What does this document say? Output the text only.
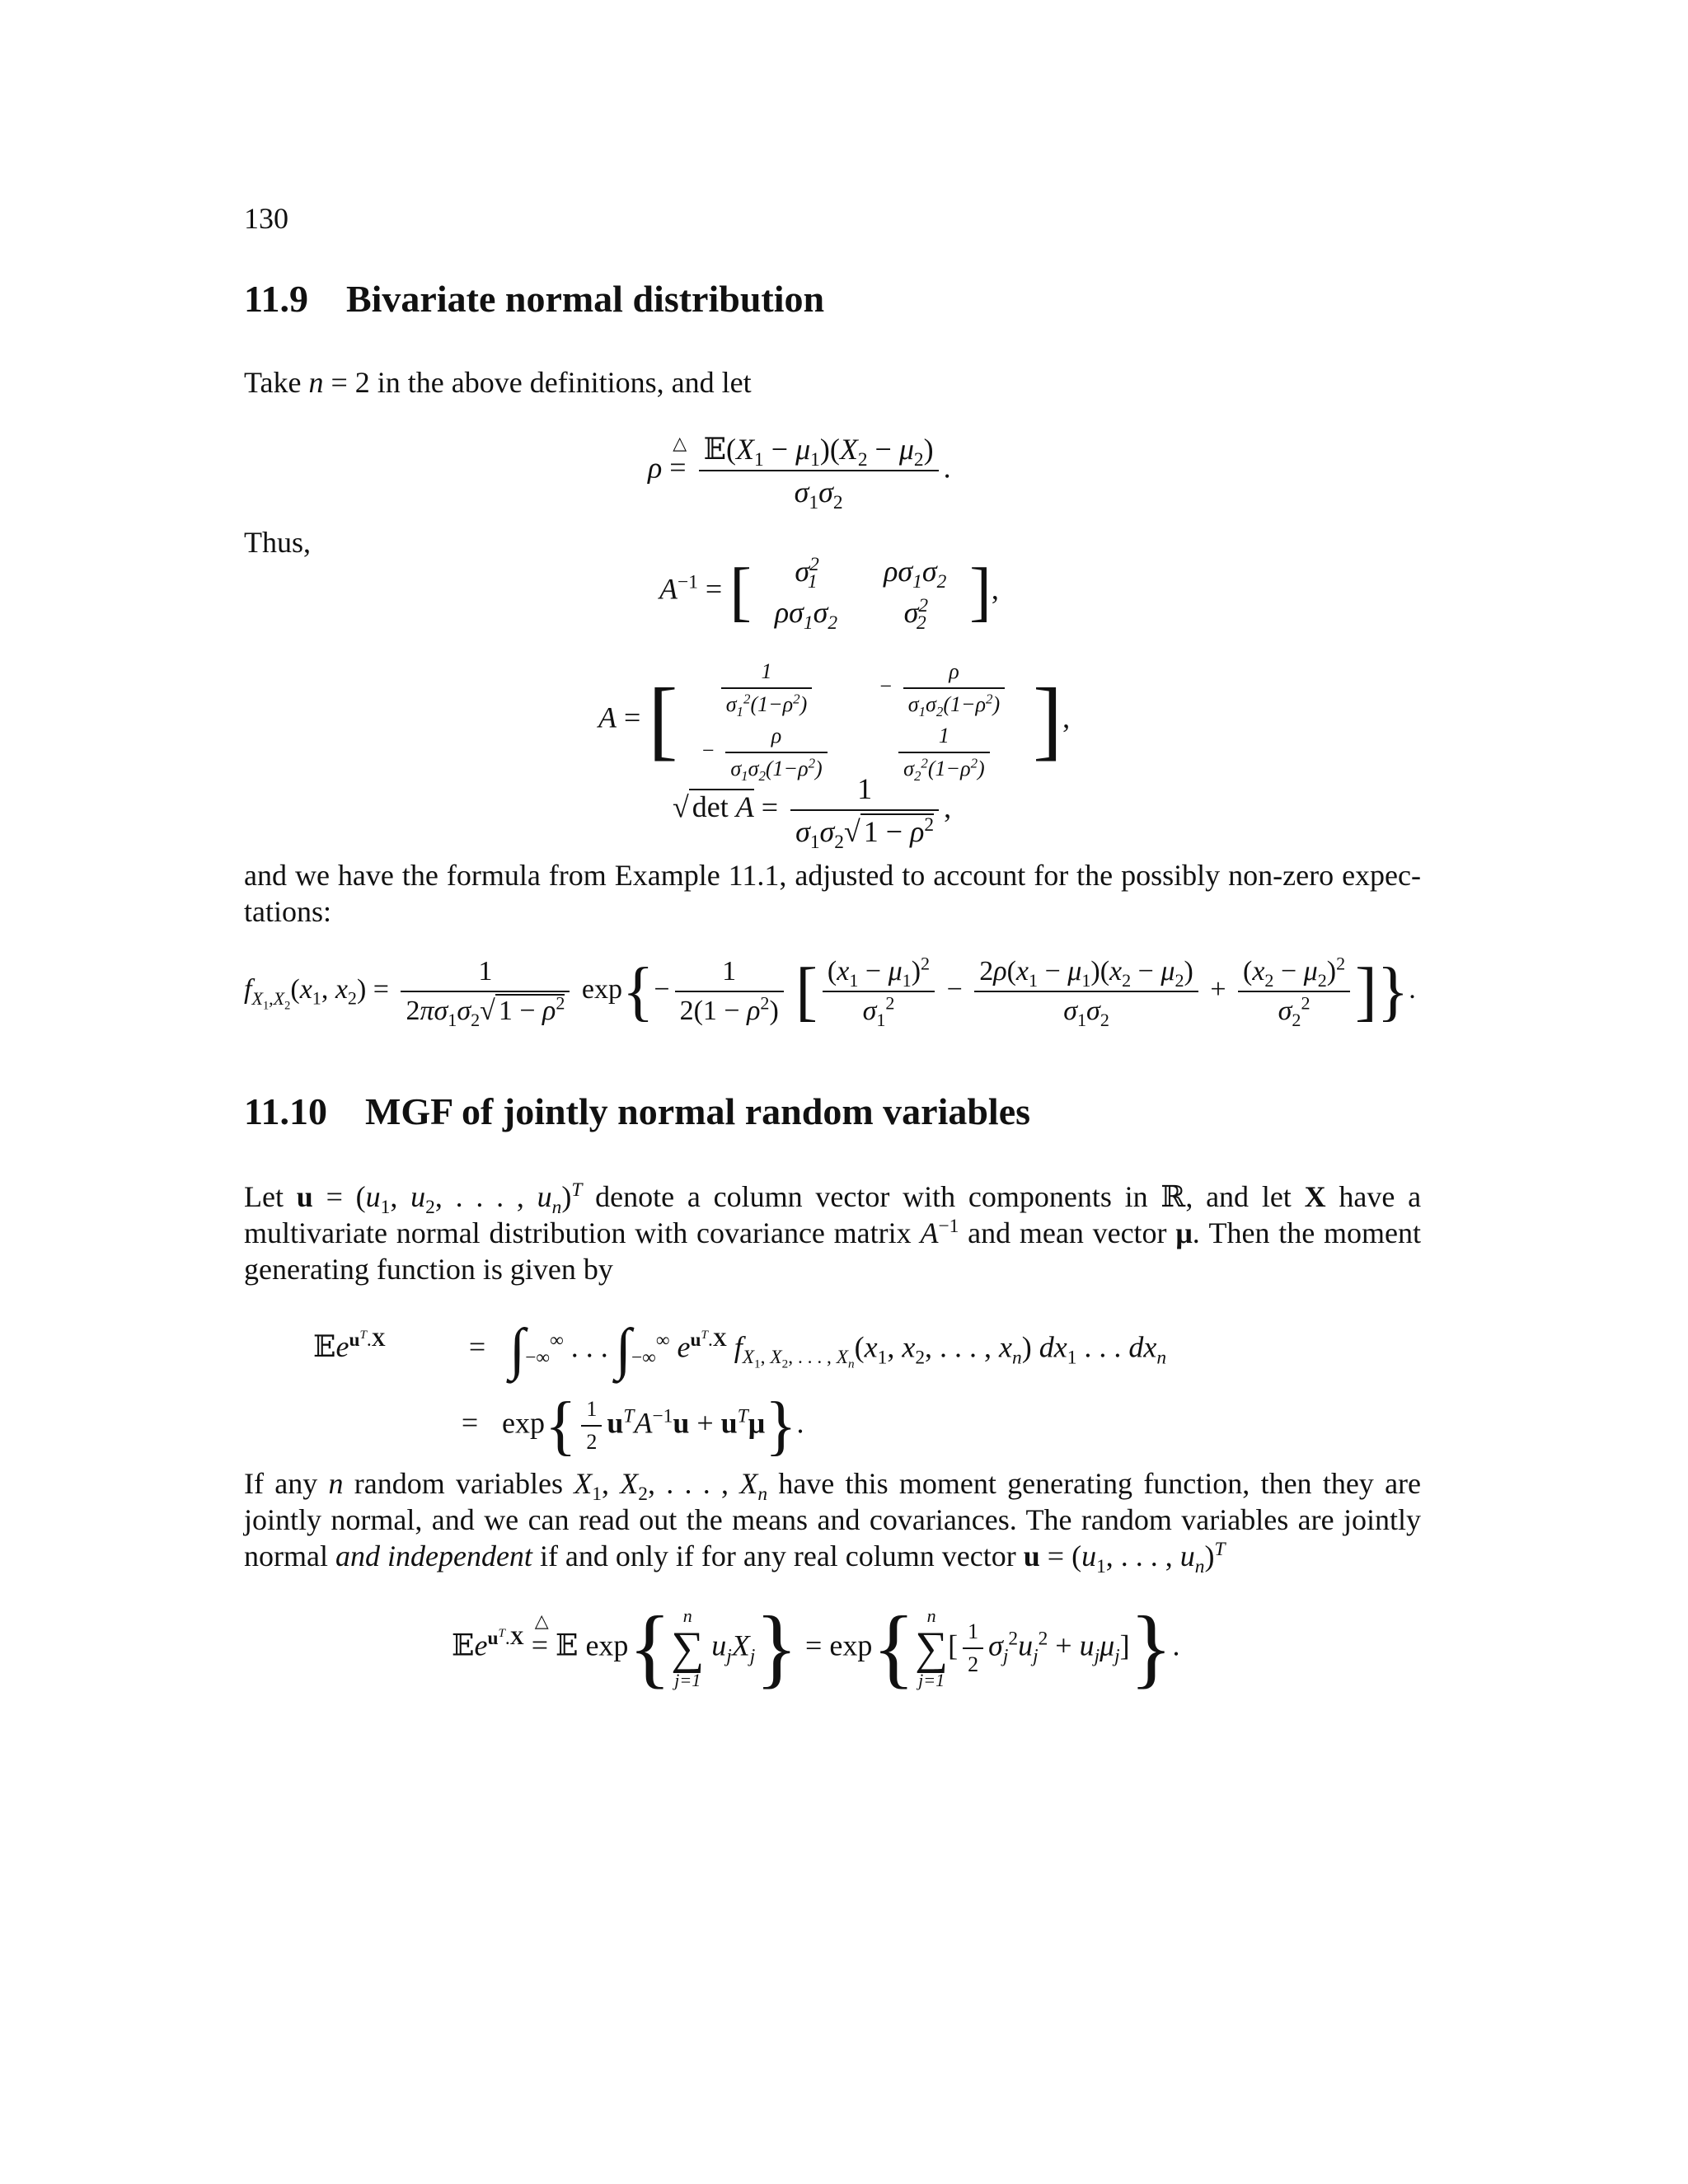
130
11.9 Bivariate normal distribution
Take n = 2 in the above definitions, and let
ρ
△
= $\frac{𝔼(X_1 - \mu_1)(X_2 - \mu_2)}{\sigma_1\sigma_2}$ .
Thus,
$A^{-1}$ = [ $\sigma^2_1$	$\rho\sigma_1\sigma_2$
$\rho\sigma_1\sigma_2$	$\sigma^2_2$ ],
A = [ $\frac{1}{\sigma_1^2(1-\rho^2)}$	− $\frac{\rho}{\sigma_1\sigma_2(1-\rho^2)}$

− $\frac{\rho}{\sigma_1\sigma_2(1-\rho^2)}$	$\frac{1}{\sigma_2^2(1-\rho^2)}$ ],
√ $\det A = \frac{1}{\sigma_1\sigma_2√ 1 - \rho^2}$ ,
and we have the formula from Example 11.1, adjusted to account for the possibly non-zero expec-tations:
$f_{X_1,X_2}(x_1$, $x_2) = \frac{1}{2\pi\sigma_1\sigma_2√ 1 - \rho^2} \exp\{- \frac{1}{2(1 - \rho^2)}$ [ $\frac{(x_1 - \mu_1)^2}{\sigma_1^2} - \frac{2\rho(x_1 - \mu_1)(x_2 - \mu_2)}{\sigma_1\sigma_2} + \frac{(x_2 - \mu_2)^2}{\sigma_2^2}$ ]}.
11.10 MGF of jointly normal random variables
Let $u = (u_1$, $u_2$, . . . , $u_n)^T$ denote a column vector with components in ℝ, and let X have a multivariate normal distribution with covariance matrix $A^{-1}$ and mean vector μ. Then the moment generating function is given by
𝔼e$^{u^T.X}$	= $\int_{-\infty}^\infty$ . . . $\int_{-\infty}^\infty$ $e^{u^T.X}$ $f_{X_1, X_2, . . . , X_n}(x_1$, $x_2$, . . . , $x_n$) $dx_1$ . . . $dx_n$
= $\exp\{ \frac{1}{2} u^TA^{-1}u + u^T\mu\}$.
If any n random variables $X_1$, $X_2$, . . . , $X_n$ have this moment generating function, then they are jointly normal, and we can read out the means and covariances. The random variables are jointly normal and independent if and only if for any real column vector $u = (u_1$, . . . , $u_n)^T$
𝔼e$^{u^T.X}$
△
= 𝔼 exp{ n
∑
j=1
$u_jX_j\} = \exp${ n
∑
j=1
[ $\frac{1}{2} \sigma_j^2u_j^2 + u_j\mu_j$]}.
